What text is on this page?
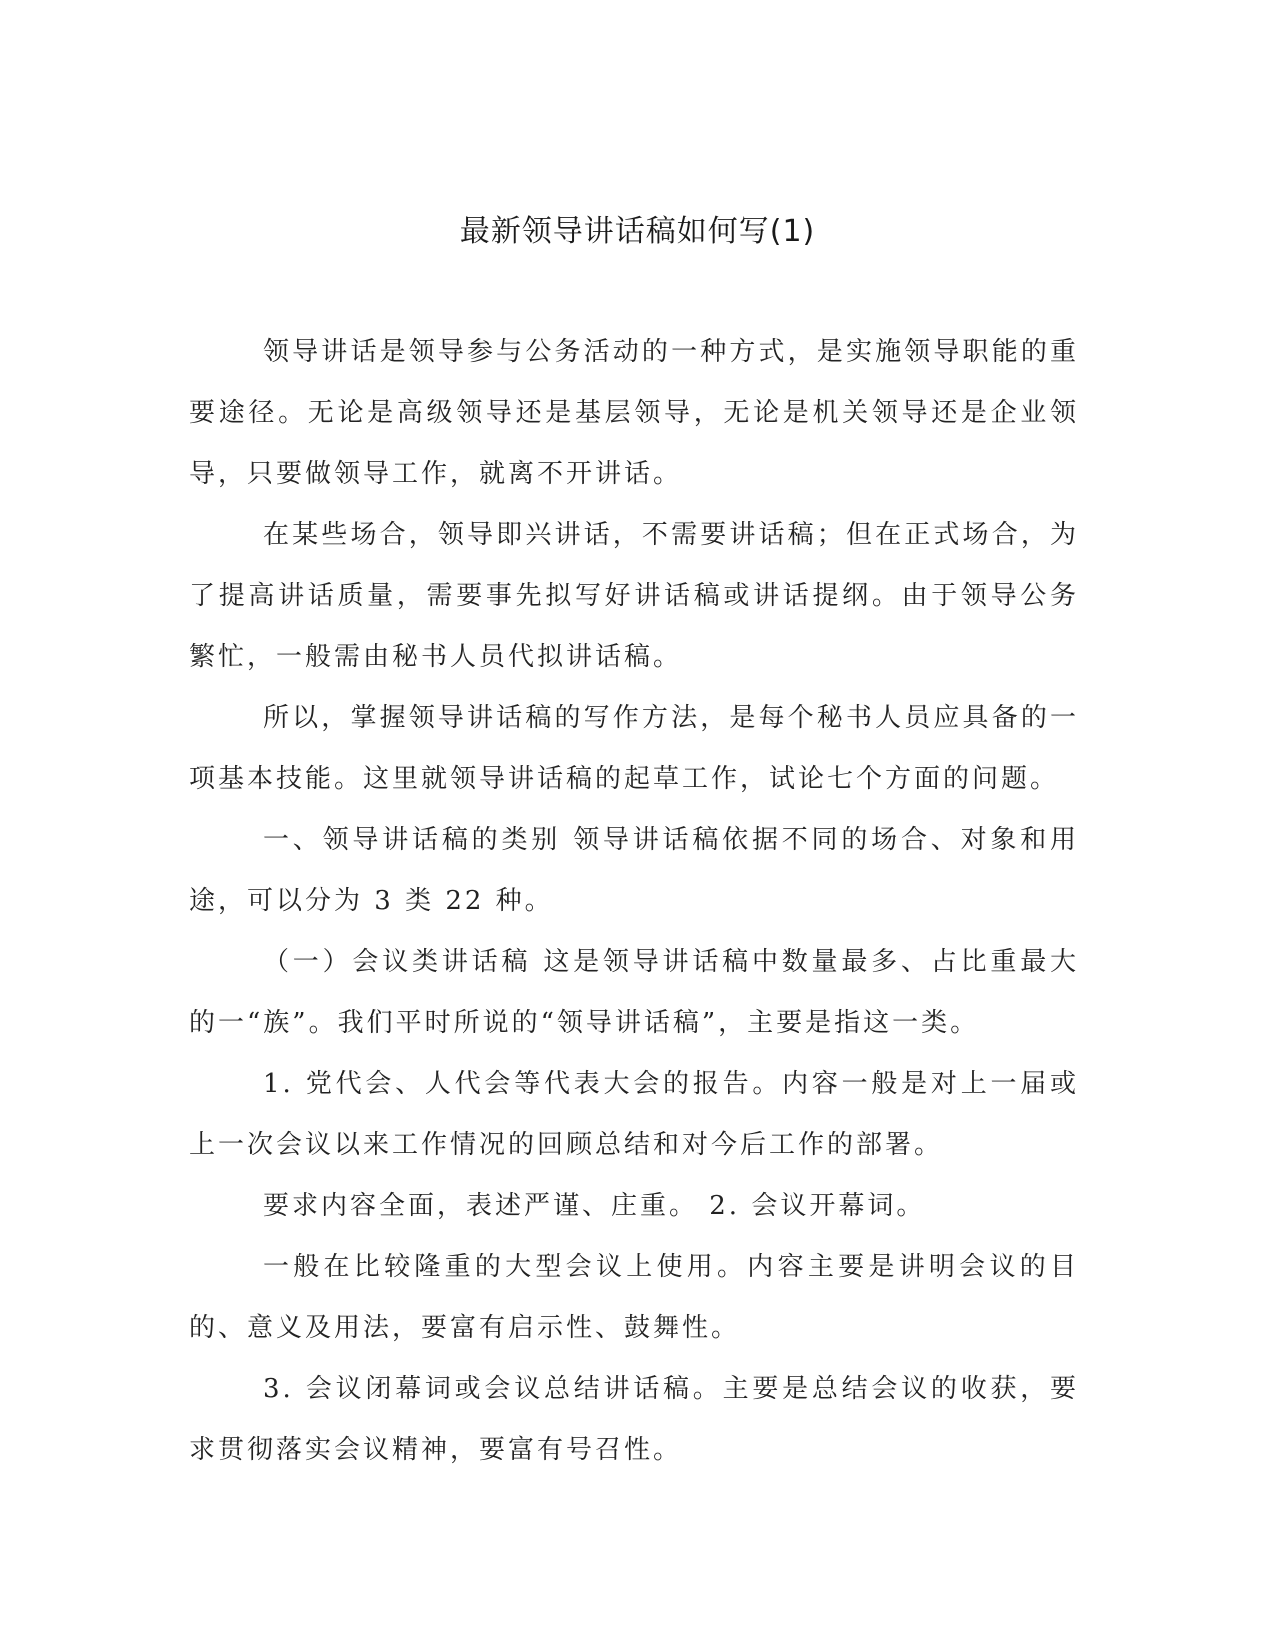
最新领导讲话稿如何写(1)

领导讲话是领导参与公务活动的一种方式，是实施领导职能的重要途径。无论是高级领导还是基层领导，无论是机关领导还是企业领导，只要做领导工作，就离不开讲话。

在某些场合，领导即兴讲话，不需要讲话稿；但在正式场合，为了提高讲话质量，需要事先拟写好讲话稿或讲话提纲。由于领导公务繁忙，一般需由秘书人员代拟讲话稿。

所以，掌握领导讲话稿的写作方法，是每个秘书人员应具备的一项基本技能。这里就领导讲话稿的起草工作，试论七个方面的问题。

一、领导讲话稿的类别 领导讲话稿依据不同的场合、对象和用途，可以分为 3 类 22 种。

（一）会议类讲话稿 这是领导讲话稿中数量最多、占比重最大的一“族”。我们平时所说的“领导讲话稿”，主要是指这一类。

1. 党代会、人代会等代表大会的报告。内容一般是对上一届或上一次会议以来工作情况的回顾总结和对今后工作的部署。

要求内容全面，表述严谨、庄重。 2. 会议开幕词。

一般在比较隆重的大型会议上使用。内容主要是讲明会议的目的、意义及用法，要富有启示性、鼓舞性。

3. 会议闭幕词或会议总结讲话稿。主要是总结会议的收获，要求贯彻落实会议精神，要富有号召性。
